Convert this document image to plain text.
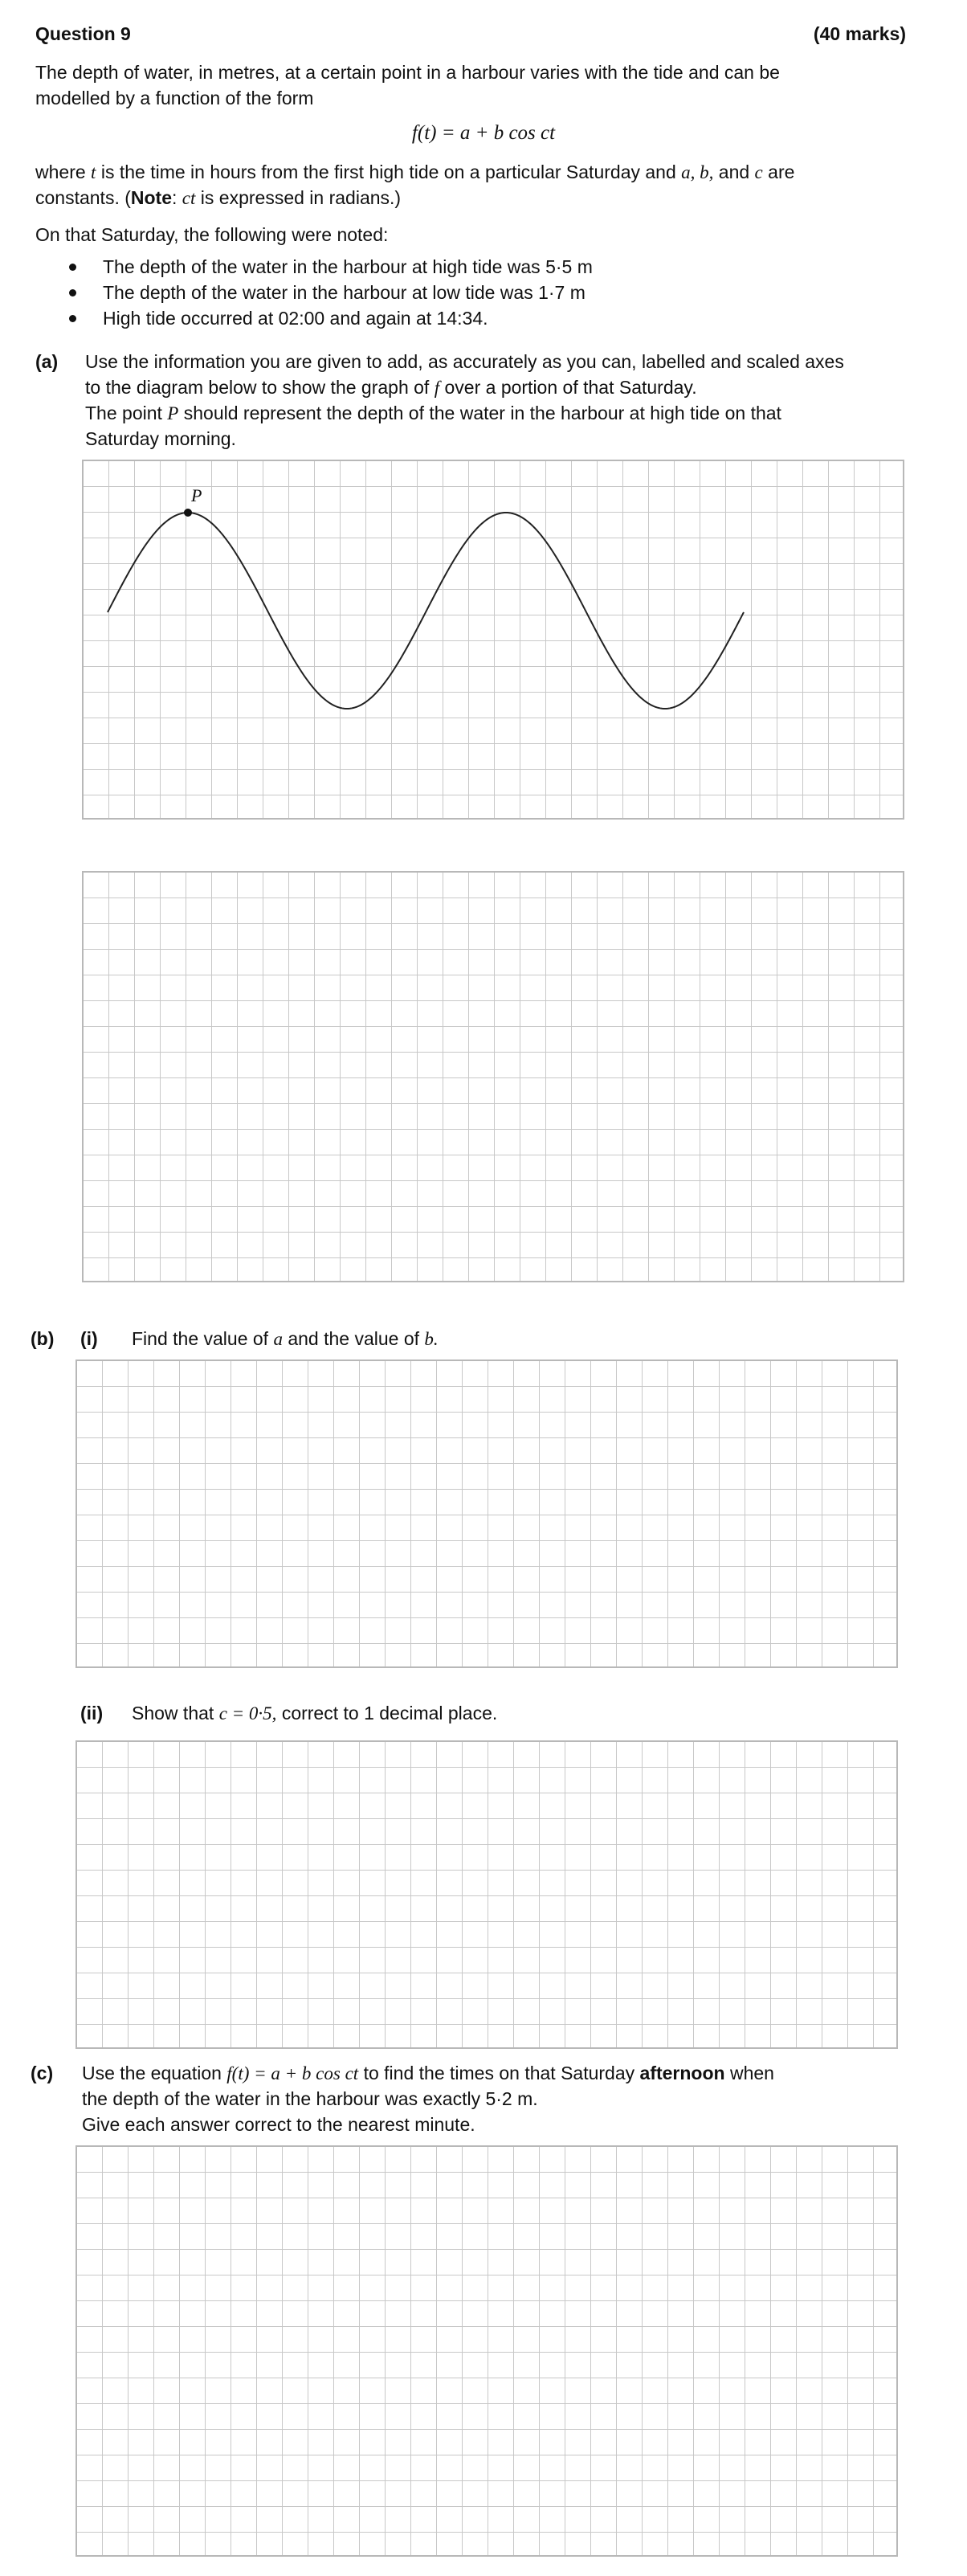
Question 9	(40 marks)
The depth of water, in metres, at a certain point in a harbour varies with the tide and can be
modelled by a function of the form
f(t) = a + b cos ct
where t is the time in hours from the first high tide on a particular Saturday and a, b, and c are
constants. (Note: ct is expressed in radians.)
On that Saturday, the following were noted:
The depth of the water in the harbour at high tide was 5·5 m
The depth of the water in the harbour at low tide was 1·7 m
High tide occurred at 02:00 and again at 14:34.
(a) Use the information you are given to add, as accurately as you can, labelled and scaled axes
to the diagram below to show the graph of f over a portion of that Saturday.
The point P should represent the depth of the water in the harbour at high tide on that
Saturday morning.
P
(b) (i) Find the value of a and the value of b.
(ii) Show that c = 0·5, correct to 1 decimal place.
(c) Use the equation f(t) = a + b cos ct to find the times on that Saturday afternoon when
the depth of the water in the harbour was exactly 5·2 m.
Give each answer correct to the nearest minute.
